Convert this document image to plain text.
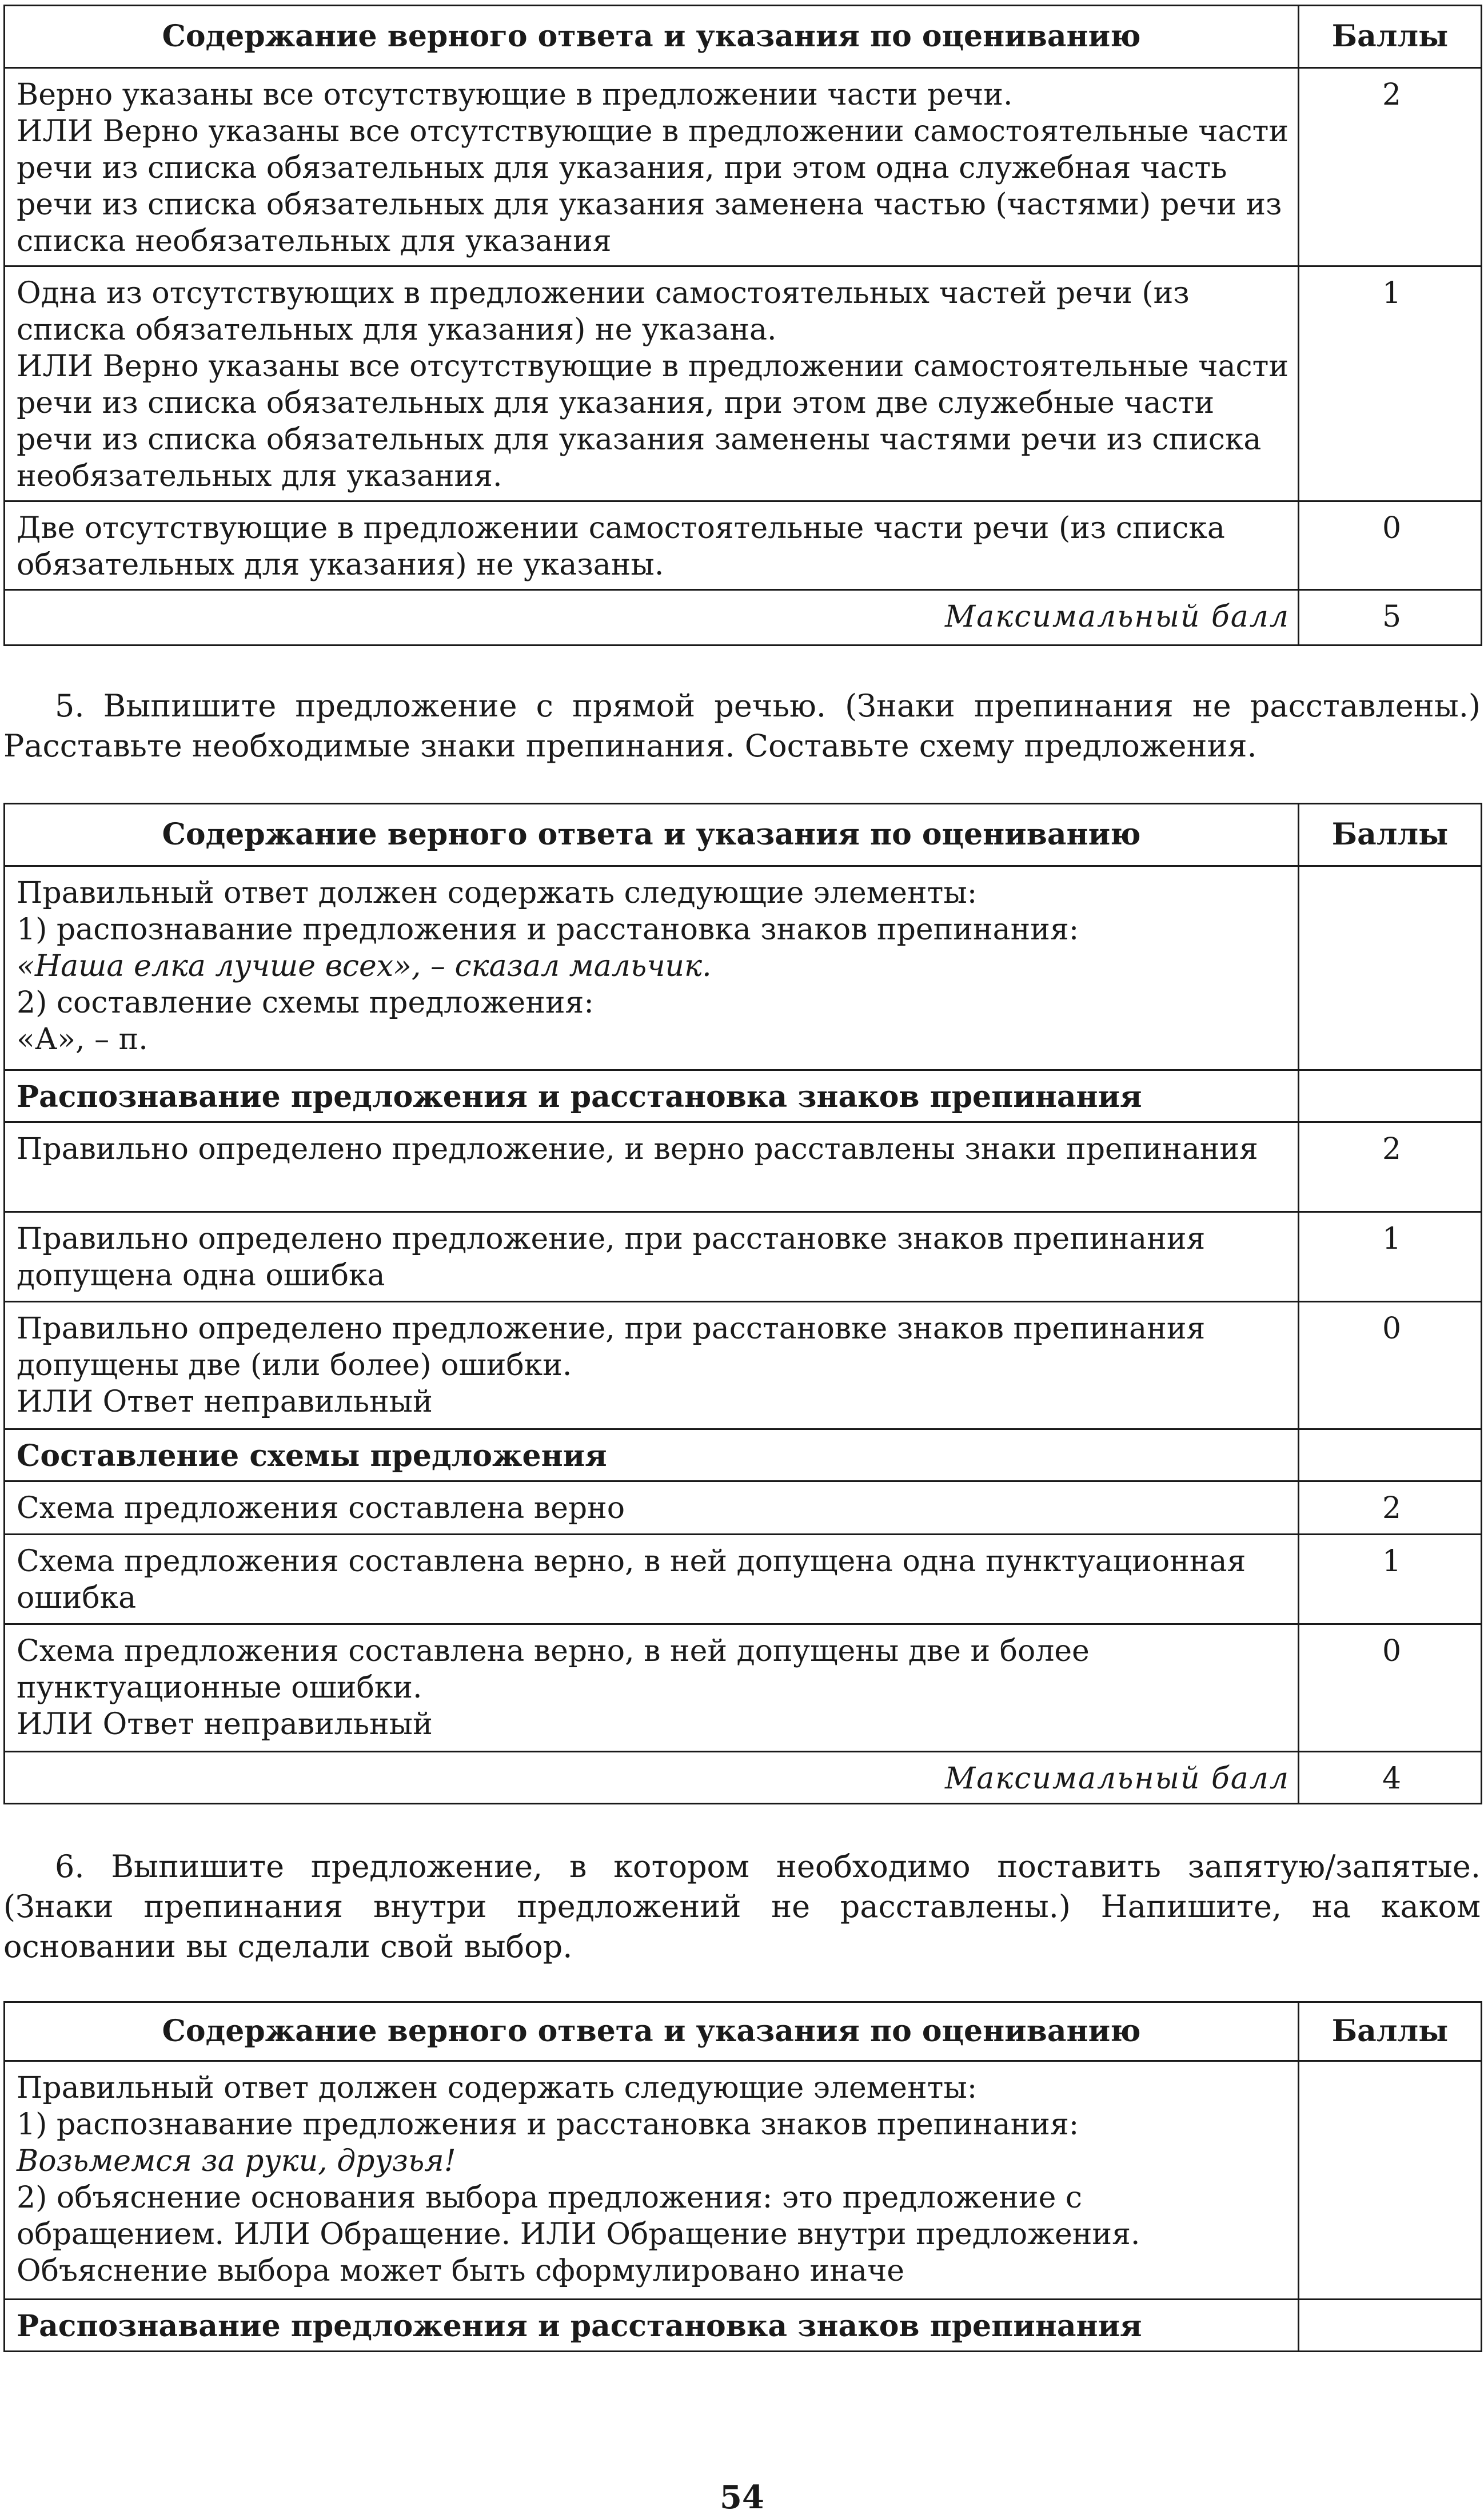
Содержание верного ответа и указания по оцениванию	Баллы

Верно указаны все отсутствующие в предложении части речи.
ИЛИ Верно указаны все отсутствующие в предложении самостоятельные части речи из списка обязательных для указания, при этом одна служебная часть речи из списка обязательных для указания заменена частью (частями) речи из списка необязательных для указания	2

Одна из отсутствующих в предложении самостоятельных частей речи (из списка обязательных для указания) не указана.
ИЛИ Верно указаны все отсутствующие в предложении самостоятельные части речи из списка обязательных для указания, при этом две служебные части речи из списка обязательных для указания заменены частями речи из списка необязательных для указания.	1

Две отсутствующие в предложении самостоятельные части речи (из списка обязательных для указания) не указаны.	0
Максимальный балл	5
5. Выпишите предложение с прямой речью. (Знаки препинания не расставлены.) Расставьте необходимые знаки препинания. Составьте схему предложения.
Содержание верного ответа и указания по оцениванию	Баллы

Правильный ответ должен содержать следующие элементы:
1) распознавание предложения и расстановка знаков препинания:
«Наша елка лучше всех», – сказал мальчик.
2) составление схемы предложения:
«А», – п.	

Распознавание предложения и расстановка знаков препинания	

Правильно определено предложение, и верно расставлены знаки препинания	2

Правильно определено предложение, при расстановке знаков препинания допущена одна ошибка	1

Правильно определено предложение, при расстановке знаков препинания допущены две (или более) ошибки.
ИЛИ Ответ неправильный	0
Составление схемы предложения	

Схема предложения составлена верно	2

Схема предложения составлена верно, в ней допущена одна пунктуационная ошибка	1

Схема предложения составлена верно, в ней допущены две и более пунктуационные ошибки.
ИЛИ Ответ неправильный	0
Максимальный балл	4
6. Выпишите предложение, в котором необходимо поставить запятую/запятые. (Знаки препинания внутри предложений не расставлены.) Напишите, на каком основании вы сделали свой выбор.
Содержание верного ответа и указания по оцениванию	Баллы

Правильный ответ должен содержать следующие элементы:
1) распознавание предложения и расстановка знаков препинания:
Возьмемся за руки, друзья!
2) объяснение основания выбора предложения: это предложение с обращением. ИЛИ Обращение. ИЛИ Обращение внутри предложения. Объяснение выбора может быть сформулировано иначе	

Распознавание предложения и расстановка знаков препинания	
54
